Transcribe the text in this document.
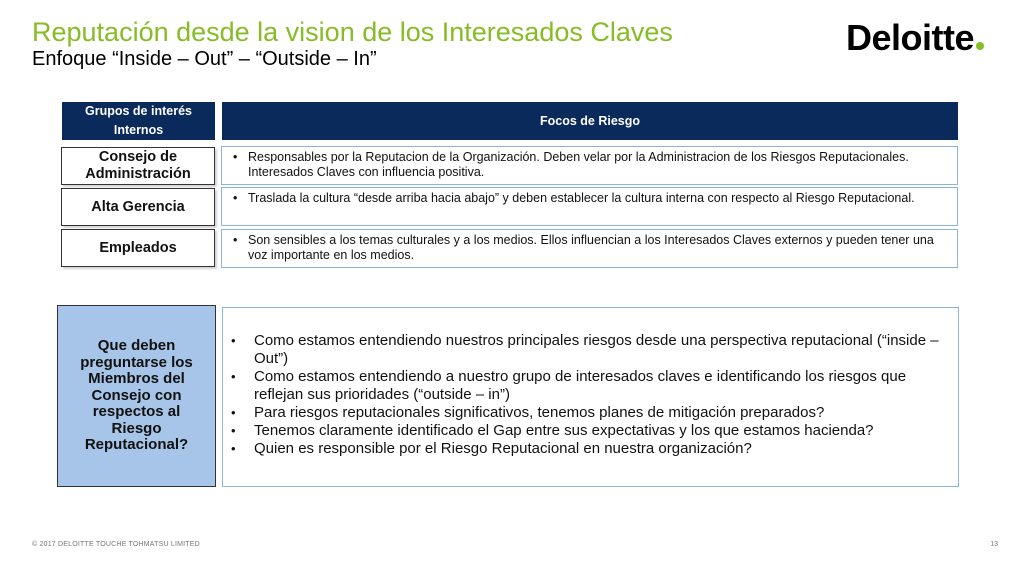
Reputación desde la vision de los Interesados Claves
Enfoque “Inside – Out” – “Outside – In”
Deloitte
Grupos de interés Internos
Focos de Riesgo
Consejo de Administración
• Responsables por la Reputacion de la Organización. Deben velar por la Administracion de los Riesgos Reputacionales. Interesados Claves con influencia positiva.
Alta Gerencia
• Traslada la cultura “desde arriba hacia abajo” y deben establecer la cultura interna con respecto al Riesgo Reputacional.
Empleados
•	Son sensibles a los temas culturales y a los medios. Ellos influencian a los Interesados Claves externos y pueden tener una voz importante en los medios.
Que deben preguntarse los Miembros del Consejo con respectos al Riesgo Reputacional?
• Como estamos entendiendo nuestros principales riesgos desde una perspectiva reputacional (“inside – Out”)
• Como estamos entendiendo a nuestro grupo de interesados claves e identificando los riesgos que reflejan sus prioridades (“outside – in”)
• Para riesgos reputacionales significativos, tenemos planes de mitigación preparados?
• Tenemos claramente identificado el Gap entre sus expectativas y los que estamos hacienda?
• Quien es responsible por el Riesgo Reputacional en nuestra organización?
© 2017 DELOITTE TOUCHE TOHMATSU LIMITED	13
